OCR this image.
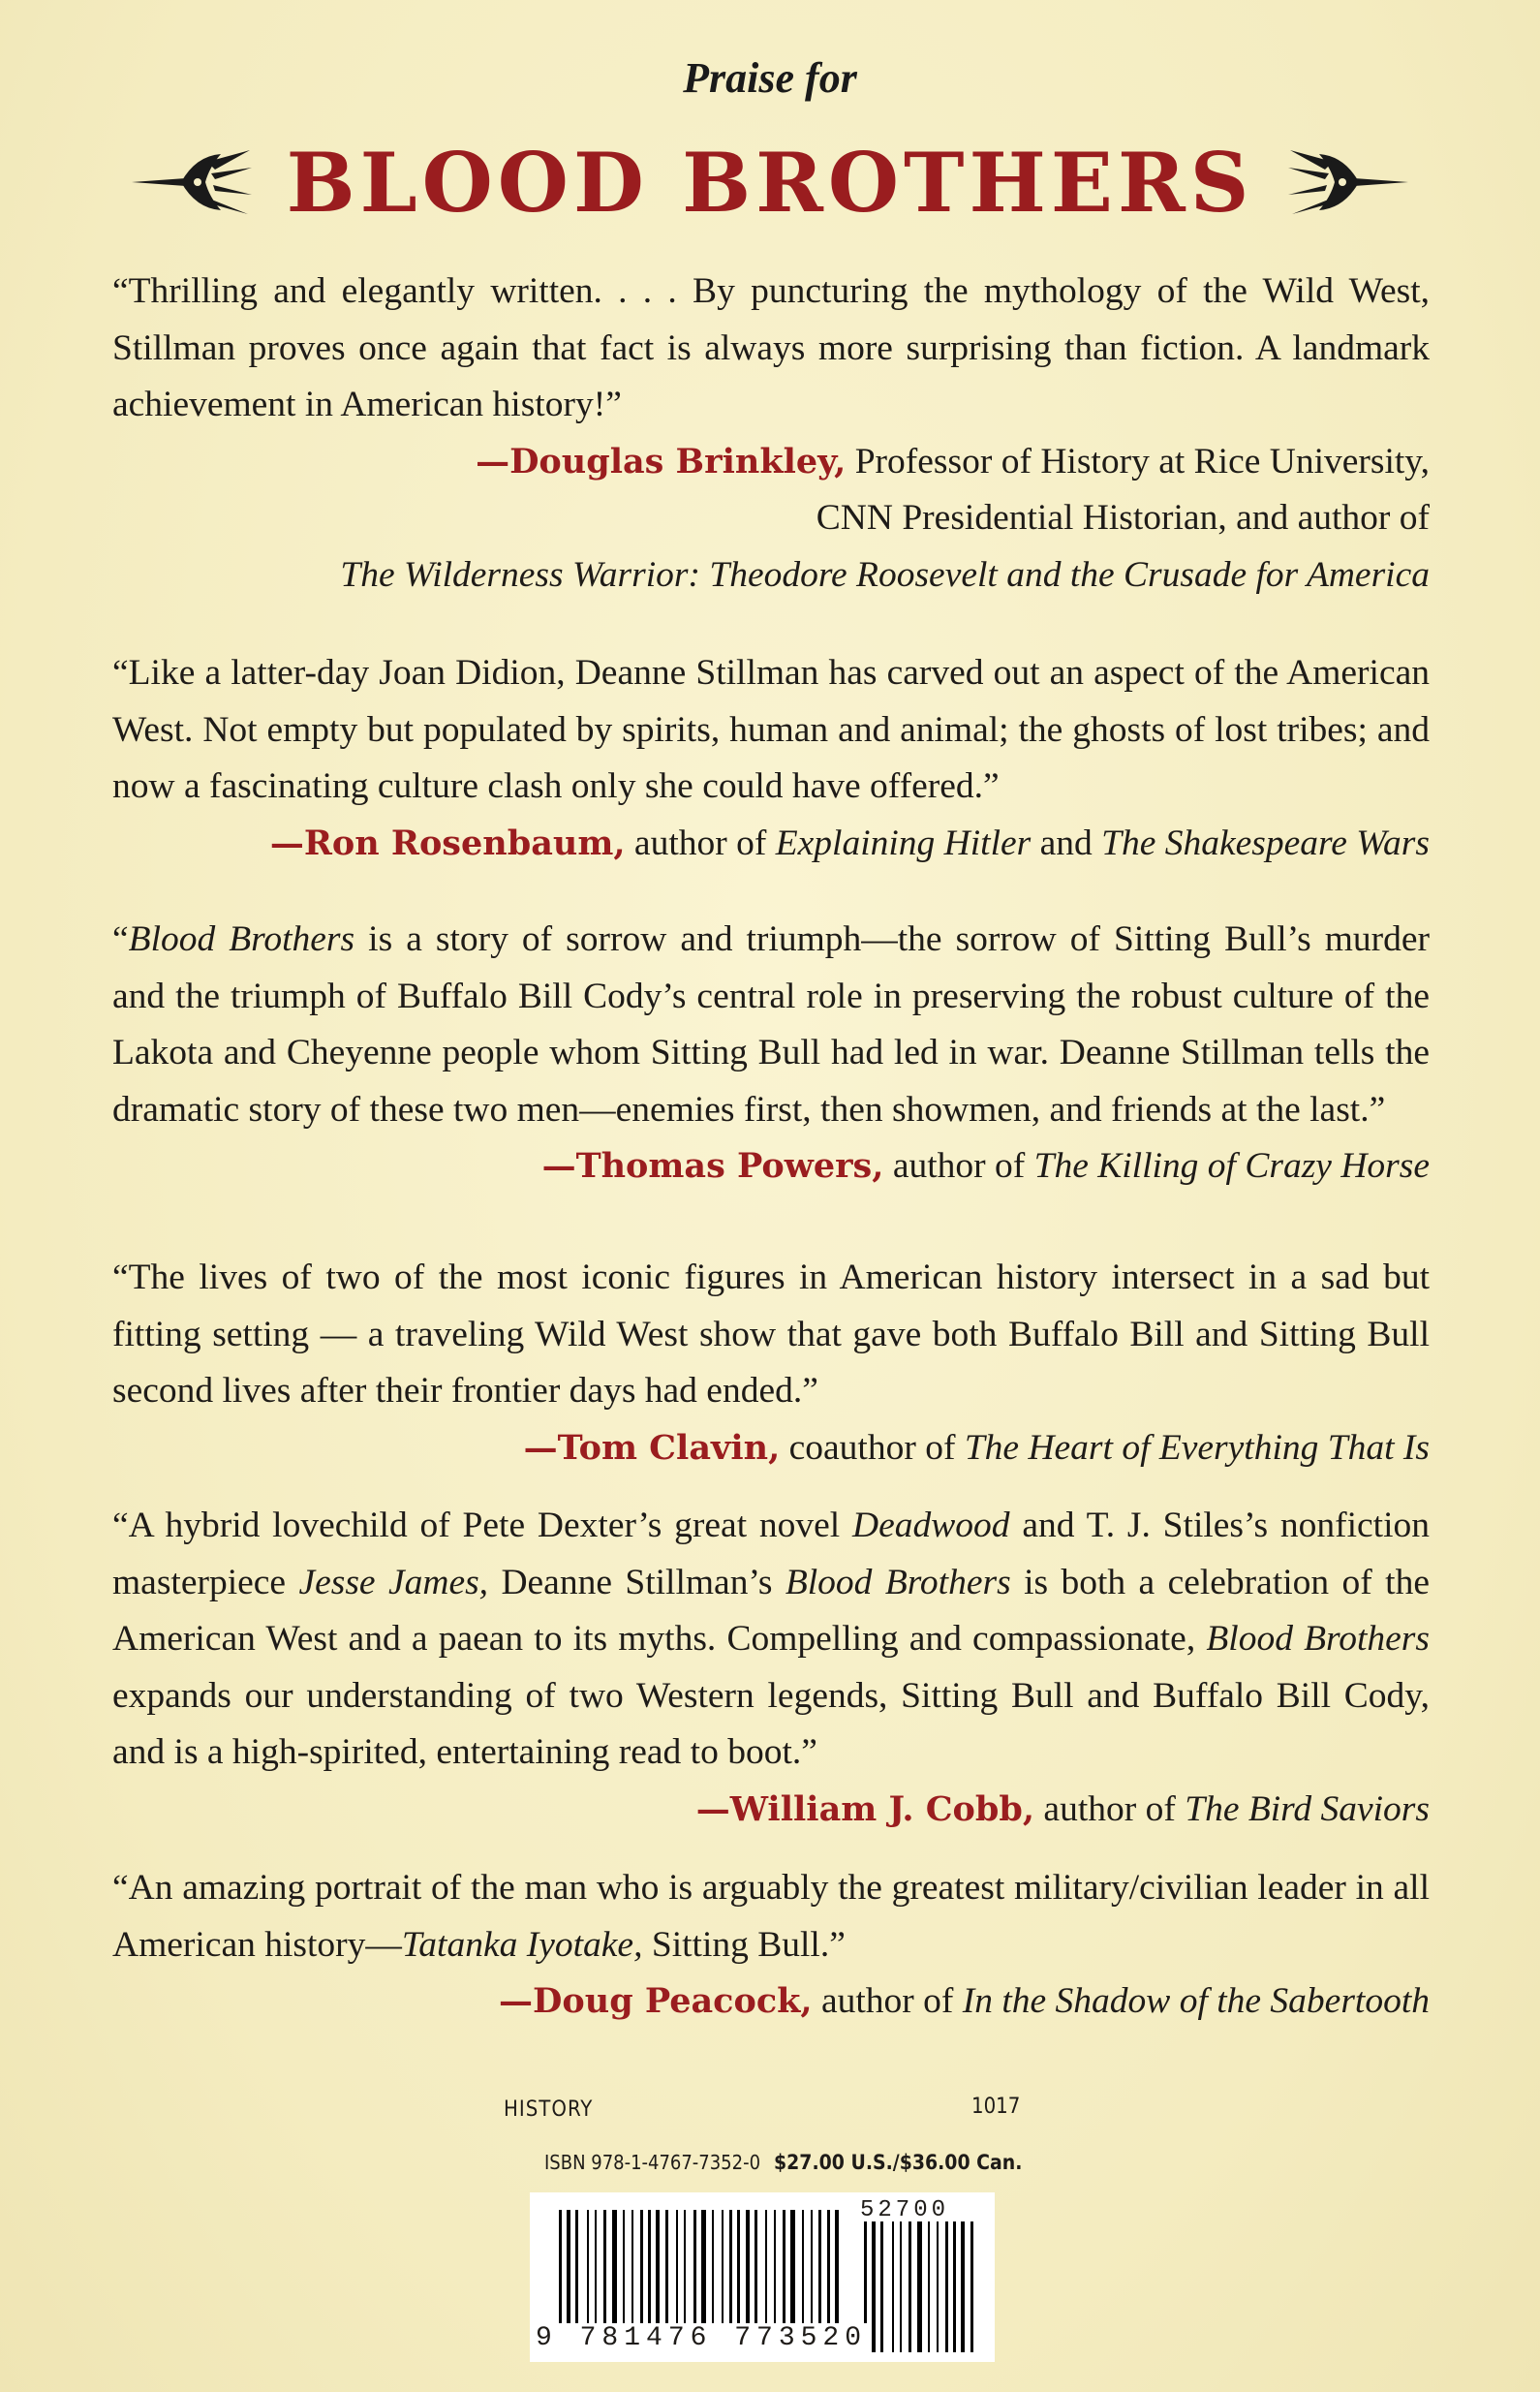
Praise for
BLOOD BROTHERS
“Thrilling and elegantly written. . . . By puncturing the mythology of the Wild West, Stillman proves once again that fact is always more surprising than fiction. A landmark achievement in American history!”
—Douglas Brinkley, Professor of History at Rice University,
CNN Presidential Historian, and author of
The Wilderness Warrior: Theodore Roosevelt and the Crusade for America
“Like a latter-day Joan Didion, Deanne Stillman has carved out an aspect of the American West. Not empty but populated by spirits, human and animal; the ghosts of lost tribes; and now a fascinating culture clash only she could have offered.”
—Ron Rosenbaum, author of Explaining Hitler and The Shakespeare Wars
“Blood Brothers is a story of sorrow and triumph—the sorrow of Sitting Bull’s murder and the triumph of Buffalo Bill Cody’s central role in preserving the robust culture of the Lakota and Cheyenne people whom Sitting Bull had led in war. Deanne Stillman tells the dramatic story of these two men—enemies first, then showmen, and friends at the last.”
—Thomas Powers, author of The Killing of Crazy Horse
“The lives of two of the most iconic figures in American history intersect in a sad but fitting setting — a traveling Wild West show that gave both Buffalo Bill and Sitting Bull second lives after their frontier days had ended.”
—Tom Clavin, coauthor of The Heart of Everything That Is
“A hybrid lovechild of Pete Dexter’s great novel Deadwood and T. J. Stiles’s nonfiction masterpiece Jesse James, Deanne Stillman’s Blood Brothers is both a celebration of the American West and a paean to its myths. Compelling and compassionate, Blood Brothers expands our understanding of two Western legends, Sitting Bull and Buffalo Bill Cody, and is a high-spirited, entertaining read to boot.”
—William J. Cobb, author of The Bird Saviors
“An amazing portrait of the man who is arguably the greatest military/civilian leader in all American history—Tatanka Iyotake, Sitting Bull.”
—Doug Peacock, author of In the Shadow of the Sabertooth
HISTORY	1017
ISBN 978-1-4767-7352-0 $27.00 U.S./$36.00 Can.
52700
9 781476 773520
